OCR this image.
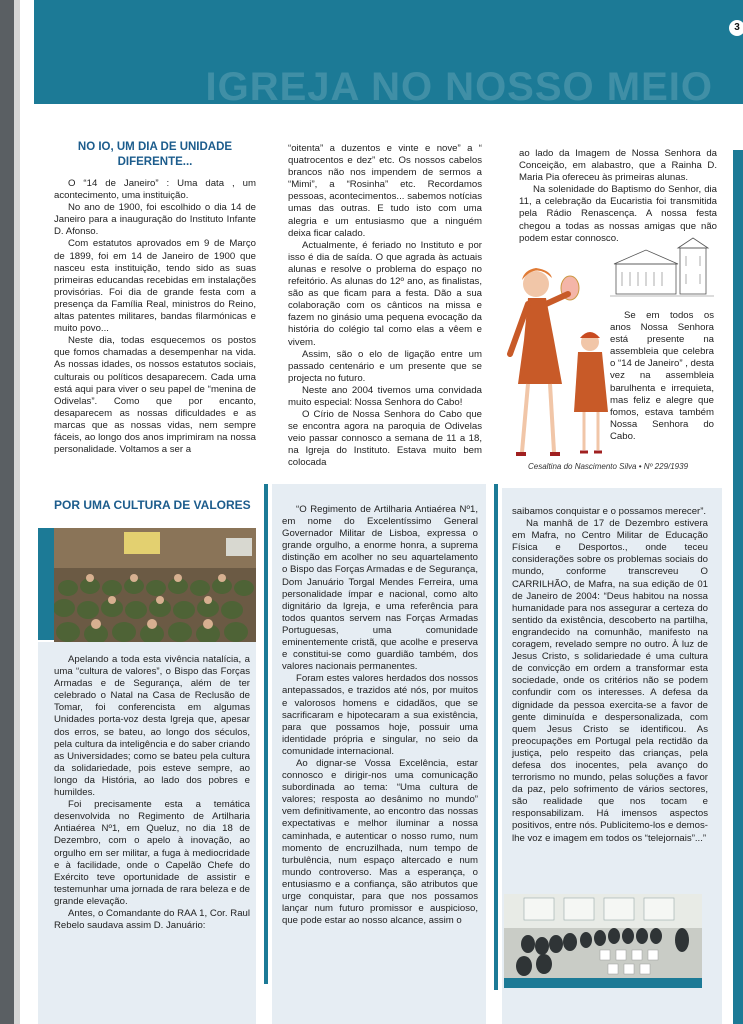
IGREJA NO NOSSO MEIO
3
NO IO, UM DIA DE UNIDADE DIFERENTE...

O “14 de Janeiro” : Uma data , um acontecimento, uma instituição.

No ano de 1900, foi escolhido o dia 14 de Janeiro para a inauguração do Instituto Infante D. Afonso.

Com estatutos aprovados em 9 de Março de 1899, foi em 14 de Janeiro de 1900 que nasceu esta instituição, tendo sido as suas primeiras educandas recebidas em instalações provisórias. Foi dia de grande festa com a presença da Família Real, ministros do Reino, altas patentes militares, bandas filarmónicas e muito povo...

Neste dia, todas esquecemos os postos que fomos chamadas a desempenhar na vida. As nossas idades, os nossos estatutos sociais, culturais ou políticos desaparecem. Cada uma está aqui para viver o seu papel de “menina de Odivelas”. Como que por encanto, desaparecem as nossas dificuldades e as marcas que as nossas vidas, nem sempre fáceis, ao longo dos anos imprimiram na nossa personalidade. Voltamos a ser a

“oitenta” a duzentos e vinte e nove” a “ quatrocentos e dez” etc. Os nossos cabelos brancos não nos impendem de sermos a “Mimi”, a “Rosinha” etc. Recordamos pessoas, acontecimentos... sabemos notícias umas das outras. E tudo isto com uma alegria e um entusiasmo que a ninguém deixa ficar calado.

Actualmente, é feriado no Instituto e por isso é dia de saída. O que agrada às actuais alunas e resolve o problema do espaço no refeitório. As alunas do 12º ano, as finalistas, são as que ficam para a festa. Dão a sua colaboração com os cânticos na missa e fazem no ginásio uma pequena evocação da história do colégio tal como elas a vêem e vivem.

Assim, são o elo de ligação entre um passado centenário e um presente que se projecta no futuro.

Neste ano 2004 tivemos uma convidada muito especial: Nossa Senhora do Cabo!

O Círio de Nossa Senhora do Cabo que se encontra agora na paroquia de Odivelas veio passar connosco a semana de 11 a 18, na Igreja do Instituto. Estava muito bem colocada

ao lado da Imagem de Nossa Senhora da Conceição, em alabastro, que a Rainha D. Maria Pia ofereceu às primeiras alunas.

Na solenidade do Baptismo do Senhor, dia 11, a celebração da Eucaristia foi transmitida pela Rádio Renascença. A nossa festa chegou a todas as nossas amigas que não podem estar connosco.

Se em todos os anos Nossa Senhora está presente na assembleia que celebra o “14 de Janeiro” , desta vez na assembleia barulhenta e irrequieta, mas feliz e alegre que fomos, estava também Nossa Senhora do Cabo.

Cesaltina do Nascimento Silva • Nº 229/1939
POR UMA CULTURA DE VALORES

Apelando a toda esta vivência natalícia, a uma “cultura de valores”, o Bispo das Forças Armadas e de Segurança, além de ter celebrado o Natal na Casa de Reclusão de Tomar, foi conferencista em algumas Unidades porta-voz desta Igreja que, apesar dos erros, se bateu, ao longo dos séculos, pela cultura da inteligência e do saber criando as Universidades; como se bateu pela cultura da solidariedade, pois esteve sempre, ao longo da História, ao lado dos pobres e humildes.

Foi precisamente esta a temática desenvolvida no Regimento de Artilharia Antiaérea Nº1, em Queluz, no dia 18 de Dezembro, com o apelo à inovação, ao orgulho em ser militar, a fuga à mediocridade e à facilidade, onde o Capelão Chefe do Exército teve oportunidade de assistir e testemunhar uma jornada de rara beleza e de grande elevação.

Antes, o Comandante do RAA 1, Cor. Raul Rebelo saudava assim D. Januário:

“O Regimento de Artilharia Antiaérea Nº1, em nome do Excelentíssimo General Governador Militar de Lisboa, expressa o grande orgulho, a enorme honra, a suprema distinção em acolher no seu aquartelamento o Bispo das Forças Armadas e de Segurança, Dom Januário Torgal Mendes Ferreira, uma personalidade ímpar e nacional, como alto dignitário da Igreja, e uma referência para todos quantos servem nas Forças Armadas Portuguesas, uma comunidade eminentemente cristã, que acolhe e preserva e constitui-se como guardião também, dos valores nacionais permanentes.

Foram estes valores herdados dos nossos antepassados, e trazidos até nós, por muitos e valorosos homens e cidadãos, que se sacrificaram e hipotecaram a sua existência, para que possamos hoje, possuir uma identidade própria e singular, no seio da comunidade internacional.

Ao dignar-se Vossa Excelência, estar connosco e dirigir-nos uma comunicação subordinada ao tema: “Uma cultura de valores; resposta ao desânimo no mundo” vem definitivamente, ao encontro das nossas expectativas e melhor iluminar a nossa caminhada, e autenticar o nosso rumo, num momento de encruzilhada, num tempo de turbulência, num espaço altercado e num mundo controverso. Mas a esperança, o entusiasmo e a confiança, são atributos que urge conquistar, para que nos possamos lançar num futuro promissor e auspicioso, que pode estar ao nosso alcance, assim o

saibamos conquistar e o possamos merecer”.

Na manhã de 17 de Dezembro estivera em Mafra, no Centro Militar de Educação Física e Desportos., onde teceu considerações sobre os problemas sociais do mundo, conforme transcreveu O CARRILHÃO, de Mafra, na sua edição de 01 de Janeiro de 2004: “Deus habitou na nossa humanidade para nos assegurar a certeza do sentido da existência, descoberto na partilha, engrandecido na comunhão, manifesto na coragem, revelado sempre no outro. À luz de Jesus Cristo, s solidariedade é uma cultura de convicção em ordem a transformar esta sociedade, onde os critérios não se podem confundir com os interesses. A defesa da dignidade da pessoa exercita-se a favor de gente diminuída e despersonalizada, com quem Jesus Cristo se identificou. As preocupações em Portugal pela rectidão da justiça, pelo respeito das crianças, pela defesa dos inocentes, pela avanço do terrorismo no mundo, pelas soluções a favor da paz, pelo sofrimento de vários sectores, são realidade que nos tocam e responsabilizam. Há imensos aspectos positivos, entre nós. Publicitemo-los e demos-lhe voz e imagem em todos os “telejornais”...”
